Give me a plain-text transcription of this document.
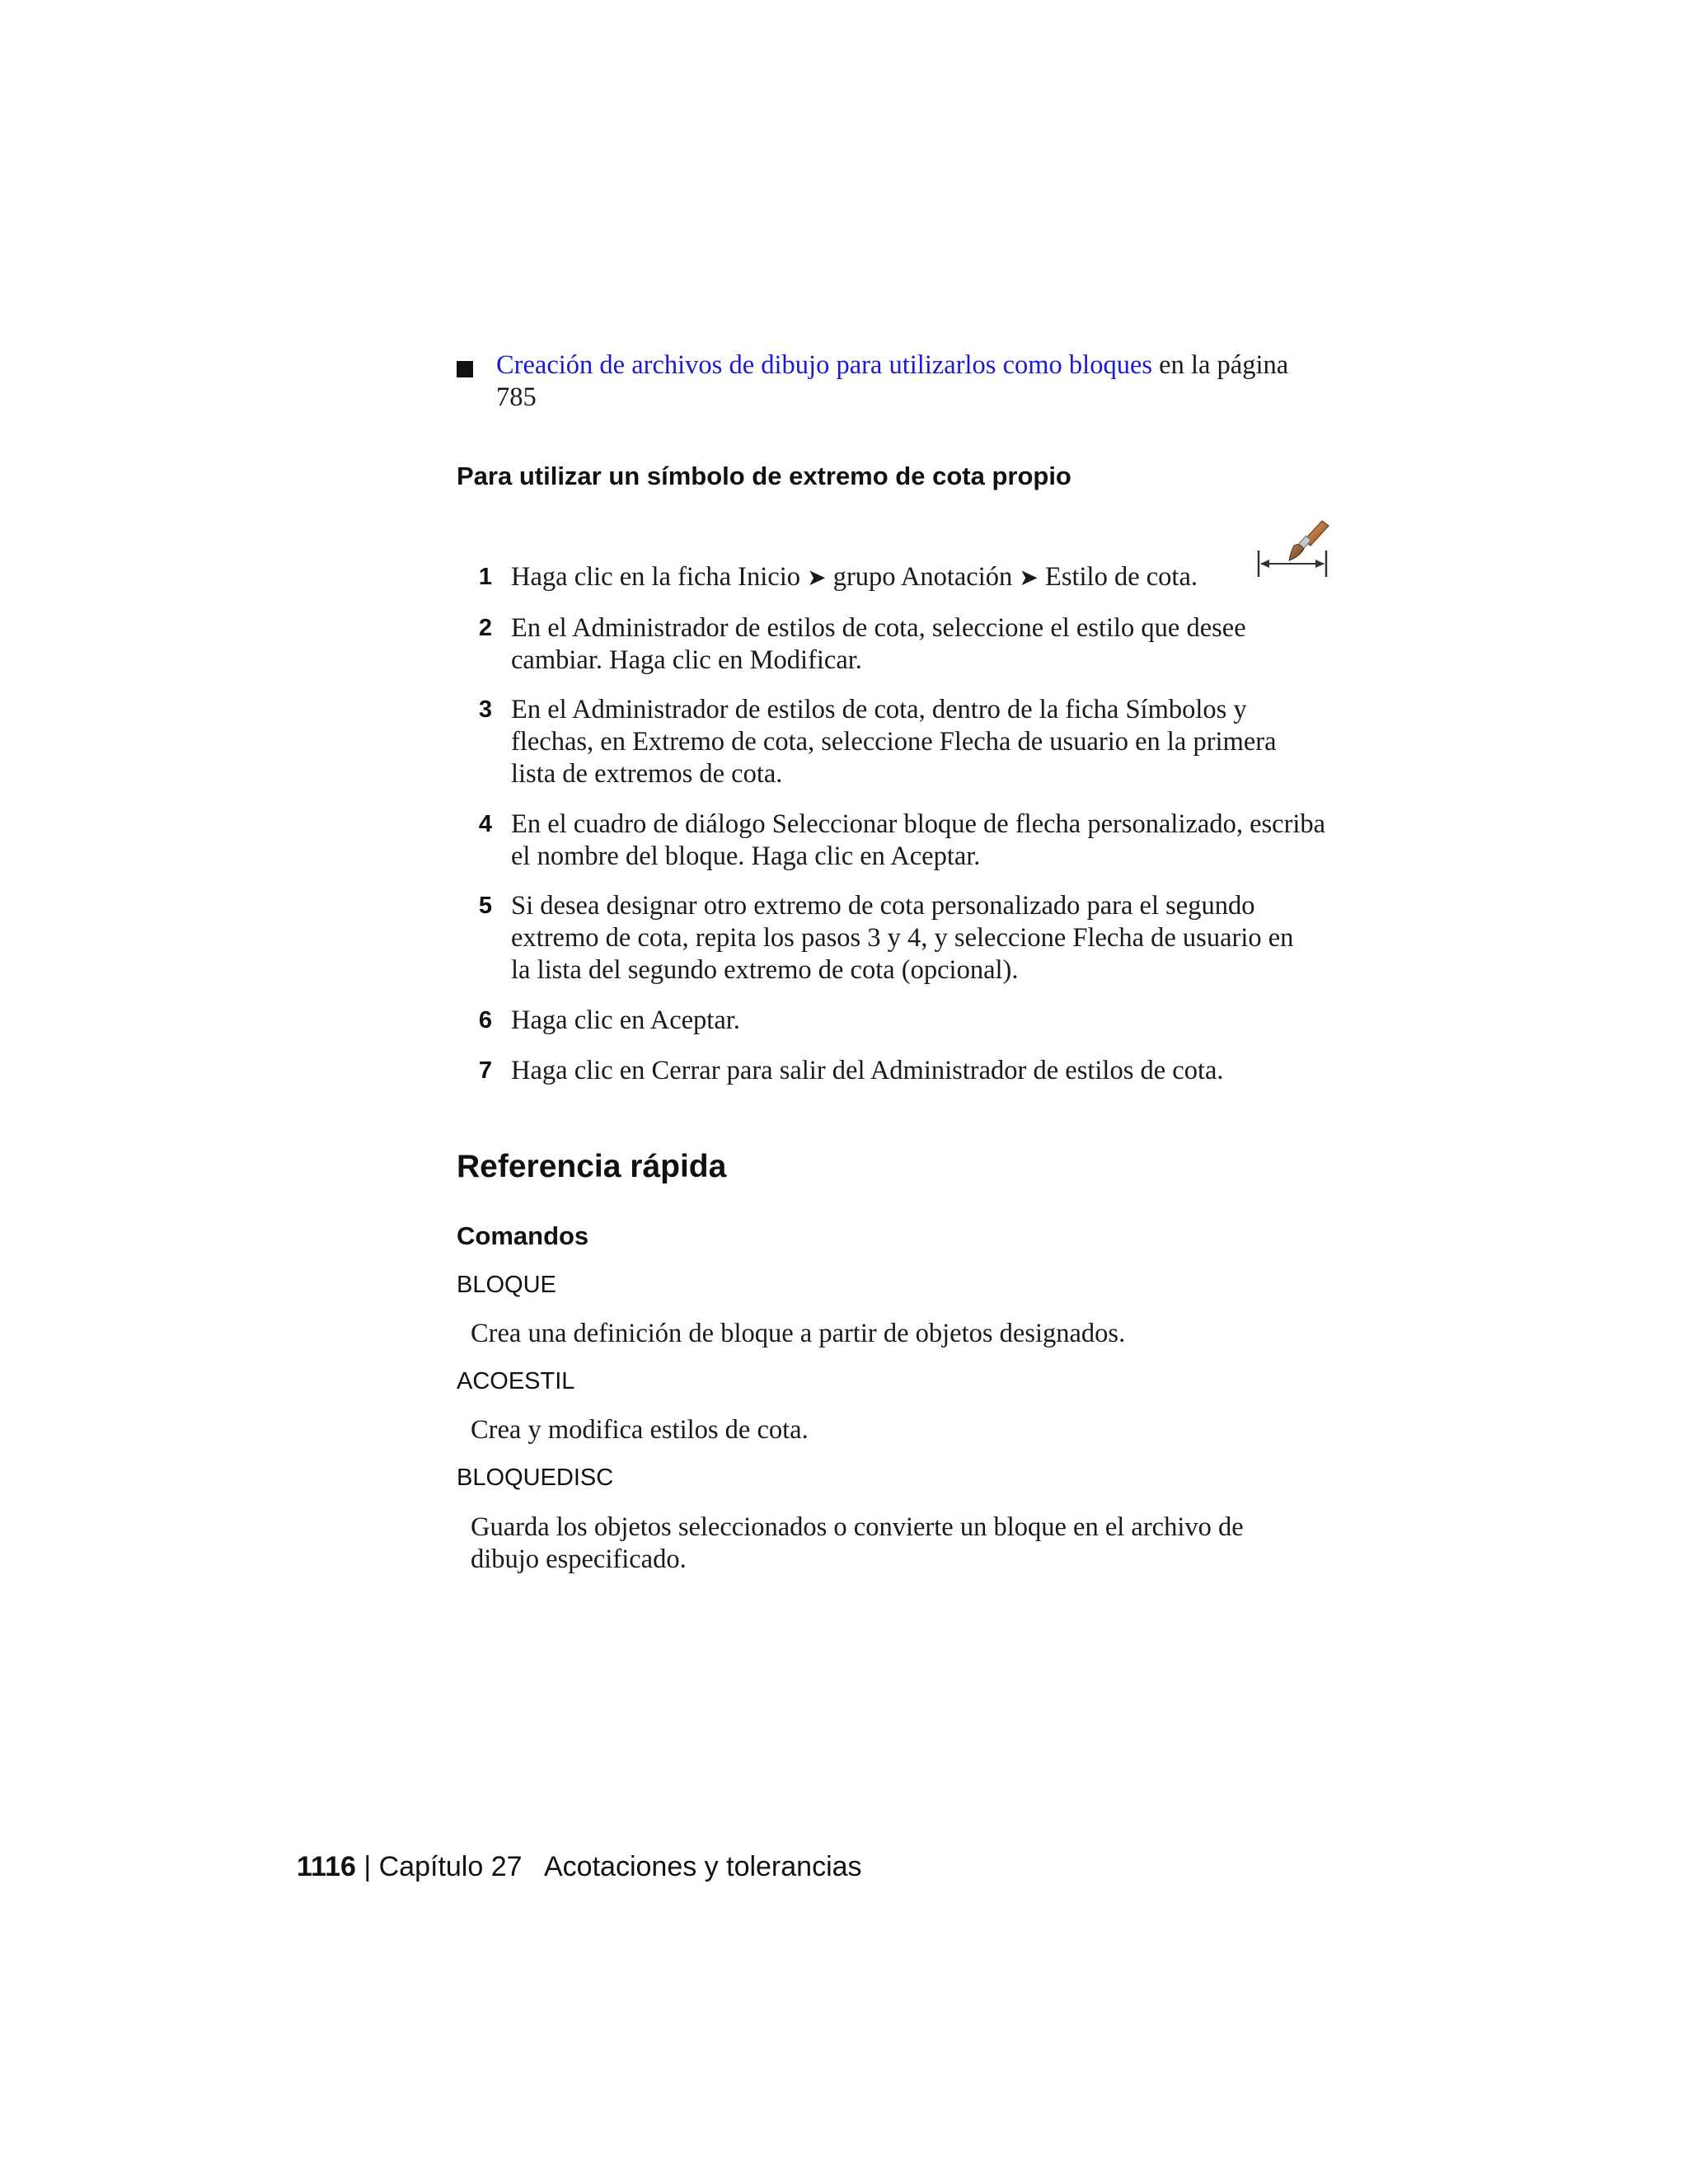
Creación de archivos de dibujo para utilizarlos como bloques en la página
785
Para utilizar un símbolo de extremo de cota propio
1 Haga clic en la ficha Inicio ➤ grupo Anotación ➤ Estilo de cota.
2 En el Administrador de estilos de cota, seleccione el estilo que desee
cambiar. Haga clic en Modificar.
3 En el Administrador de estilos de cota, dentro de la ficha Símbolos y
flechas, en Extremo de cota, seleccione Flecha de usuario en la primera
lista de extremos de cota.
4 En el cuadro de diálogo Seleccionar bloque de flecha personalizado, escriba
el nombre del bloque. Haga clic en Aceptar.
5 Si desea designar otro extremo de cota personalizado para el segundo
extremo de cota, repita los pasos 3 y 4, y seleccione Flecha de usuario en
la lista del segundo extremo de cota (opcional).
6 Haga clic en Aceptar.
7 Haga clic en Cerrar para salir del Administrador de estilos de cota.
Referencia rápida
Comandos
BLOQUE
Crea una definición de bloque a partir de objetos designados.
ACOESTIL
Crea y modifica estilos de cota.
BLOQUEDISC
Guarda los objetos seleccionados o convierte un bloque en el archivo de
dibujo especificado.
1116 | Capítulo 27 Acotaciones y tolerancias
